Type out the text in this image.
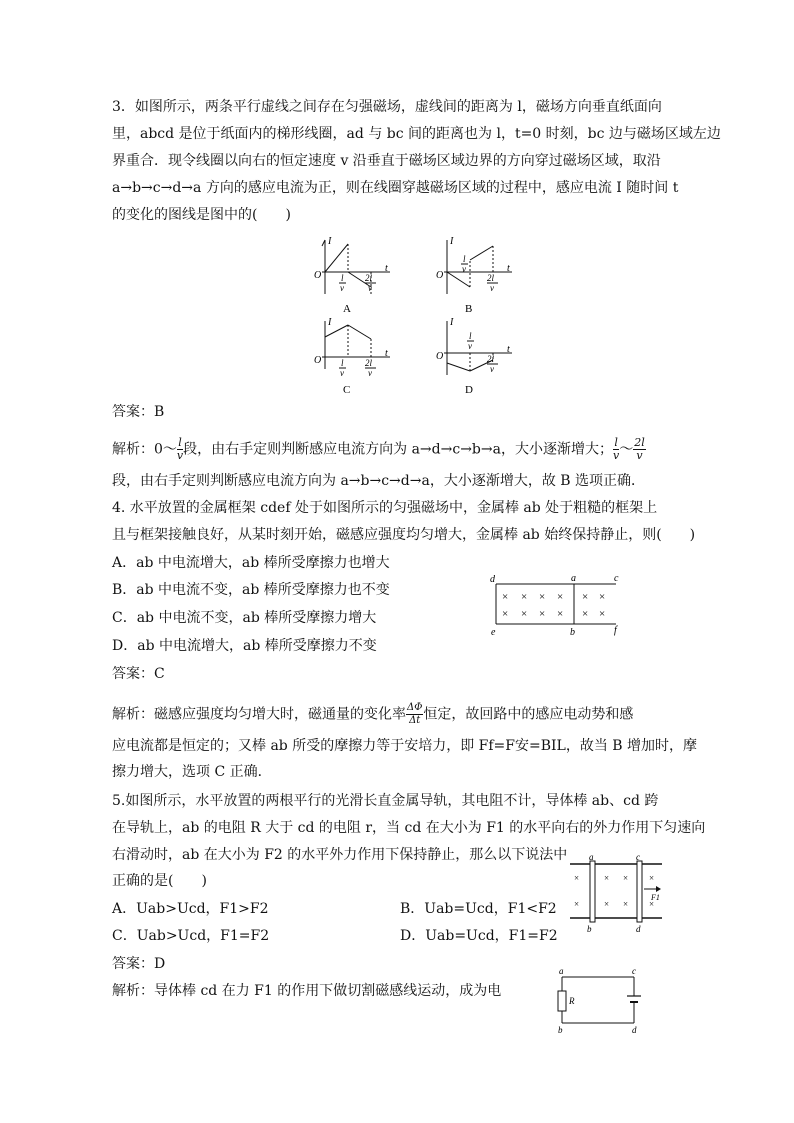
3．如图所示，两条平行虚线之间存在匀强磁场，虚线间的距离为 l，磁场方向垂直纸面向
里，abcd 是位于纸面内的梯形线圈，ad 与 bc 间的距离也为 l，t=0 时刻，bc 边与磁场区域左边
界重合．现令线圈以向右的恒定速度 v 沿垂直于磁场区域边界的方向穿过磁场区域，取沿
a→b→c→d→a 方向的感应电流为正，则在线圈穿越磁场区域的过程中，感应电流 I 随时间 t
的变化的图线是图中的(　　)
I
t
O l
v
2l
v
A
I
t
O
l
v
2l
v
B
I
t
O l
v
2l
v
C
I
t
O
l
v
2l
v
D
答案：B
解析：0～ $\frac{l}{v}$ 段，由右手定则判断感应电流方向为 a→d→c→b→a，大小逐渐增大； $\frac{l}{v}$ ～ $\frac{2l}{v}$
段，由右手定则判断感应电流方向为 a→b→c→d→a，大小逐渐增大，故 B 选项正确．
4. 水平放置的金属框架 cdef 处于如图所示的匀强磁场中，金属棒 ab 处于粗糙的框架上
且与框架接触良好，从某时刻开始，磁感应强度均匀增大，金属棒 ab 始终保持静止，则(　　)
A．ab 中电流增大，ab 棒所受摩擦力也增大
B．ab 中电流不变，ab 棒所受摩擦力也不变
C．ab 中电流不变，ab 棒所受摩擦力增大
D．ab 中电流增大，ab 棒所受摩擦力不变
d	a	c
e	b	f
× × × × × ×
× × × × × ×
答案：C
解析：磁感应强度均匀增大时，磁通量的变化率 $\frac{\Delta\Phi}{\Delta t}$ 恒定，故回路中的感应电动势和感
应电流都是恒定的；又棒 ab 所受的摩擦力等于安培力，即 Ff=F安=BIL，故当 B 增加时，摩
擦力增大，选项 C 正确．
5.如图所示，水平放置的两根平行的光滑长直金属导轨，其电阻不计，导体棒 ab、cd 跨
在导轨上，ab 的电阻 R 大于 cd 的电阻 r，当 cd 在大小为 F1 的水平向右的外力作用下匀速向
右滑动时，ab 在大小为 F2 的水平外力作用下保持静止，那么以下说法中
正确的是(　　)
A．Uab>Ucd，F1>F2	B．Uab=Ucd，F1<F2
C．Uab>Ucd，F1=F2	D．Uab=Ucd，F1=F2
答案：D
解析：导体棒 cd 在力 F1 的作用下做切割磁感线运动，成为电
a	c
b	d
F1
×	× × ×
×	× × ×
a	c
R
b	d
